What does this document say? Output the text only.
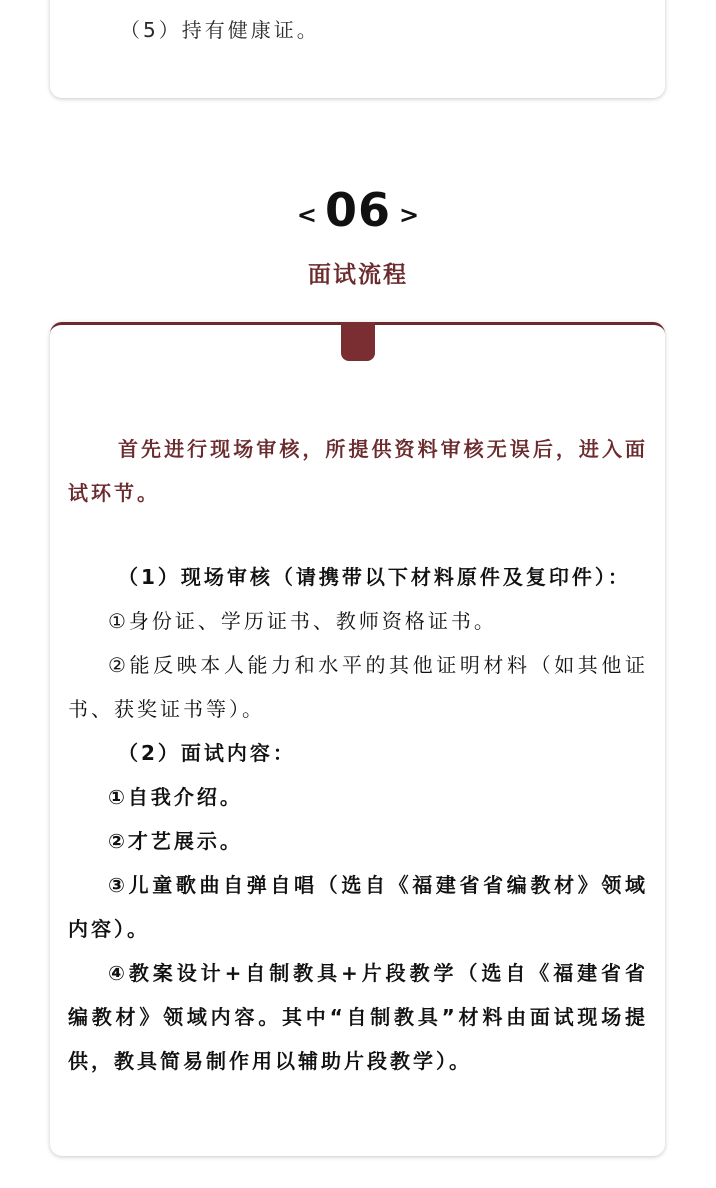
（5）持有健康证。
< 06 >
面试流程

首先进行现场审核，所提供资料审核无误后，进入面试环节。

（1）现场审核（请携带以下材料原件及复印件）：

①身份证、学历证书、教师资格证书。

②能反映本人能力和水平的其他证明材料（如其他证书、获奖证书等）。

（2）面试内容：

①自我介绍。

②才艺展示。

③儿童歌曲自弹自唱（选自《福建省省编教材》领域内容）。

④教案设计+自制教具+片段教学（选自《福建省省编教材》领域内容。其中“自制教具”材料由面试现场提供，教具简易制作用以辅助片段教学）。
